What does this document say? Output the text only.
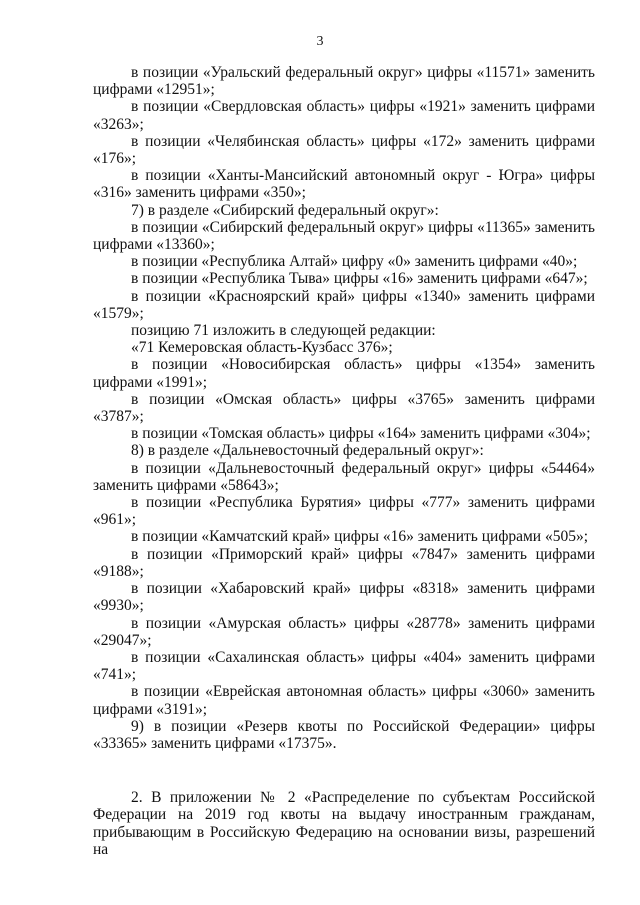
3

в позиции «Уральский федеральный округ» цифры «11571» заменить цифрами «12951»;

в позиции «Свердловская область» цифры «1921» заменить цифрами «3263»;

в позиции «Челябинская область» цифры «172» заменить цифрами «176»;

в позиции «Ханты-Мансийский автономный округ - Югра» цифры «316» заменить цифрами «350»;

7) в разделе «Сибирский федеральный округ»:

в позиции «Сибирский федеральный округ» цифры «11365» заменить цифрами «13360»;

в позиции «Республика Алтай» цифру «0» заменить цифрами «40»;

в позиции «Республика Тыва» цифры «16» заменить цифрами «647»;

в позиции «Красноярский край» цифры «1340» заменить цифрами «1579»;

позицию 71 изложить в следующей редакции:

«71 Кемеровская область-Кузбасс 376»;

в позиции «Новосибирская область» цифры «1354» заменить цифрами «1991»;

в позиции «Омская область» цифры «3765» заменить цифрами «3787»;

в позиции «Томская область» цифры «164» заменить цифрами «304»;

8) в разделе «Дальневосточный федеральный округ»:

в позиции «Дальневосточный федеральный округ» цифры «54464» заменить цифрами «58643»;

в позиции «Республика Бурятия» цифры «777» заменить цифрами «961»;

в позиции «Камчатский край» цифры «16» заменить цифрами «505»;

в позиции «Приморский край» цифры «7847» заменить цифрами «9188»;

в позиции «Хабаровский край» цифры «8318» заменить цифрами «9930»;

в позиции «Амурская область» цифры «28778» заменить цифрами «29047»;

в позиции «Сахалинская область» цифры «404» заменить цифрами «741»;

в позиции «Еврейская автономная область» цифры «3060» заменить цифрами «3191»;

9) в позиции «Резерв квоты по Российской Федерации» цифры «33365» заменить цифрами «17375».

2. В приложении № 2 «Распределение по субъектам Российской Федерации на 2019 год квоты на выдачу иностранным гражданам, прибывающим в Российскую Федерацию на основании визы, разрешений на
